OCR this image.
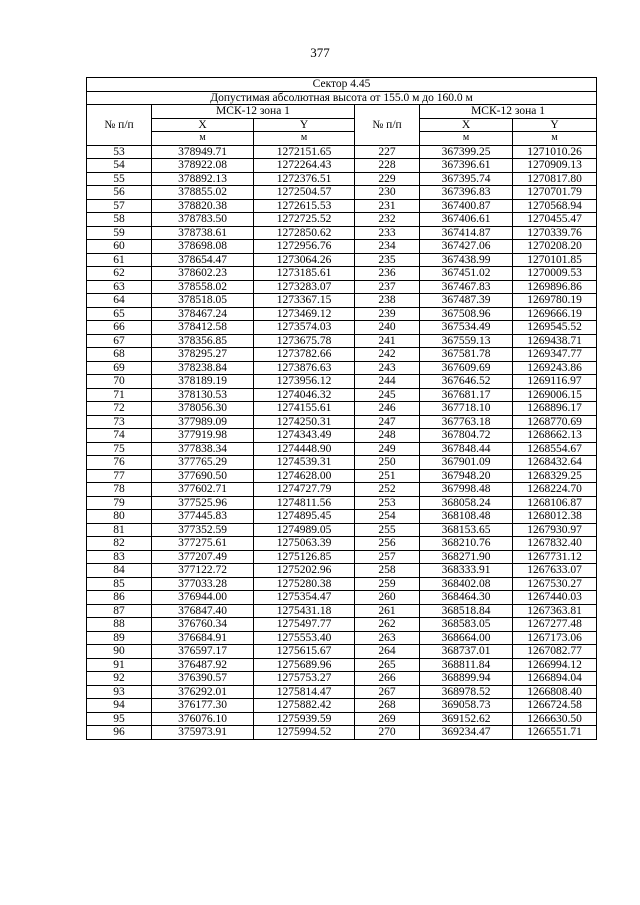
377
Сектор 4.45					
Допустимая абсолютная высота от 155.0 м до 160.0 м					
№ п/п	МСК-12 зона 1		№ п/п	МСК-12 зона 1	
	X	Y		X	Y
	м	м		м	м
53	378949.71	1272151.65	227	367399.25	1271010.26
54	378922.08	1272264.43	228	367396.61	1270909.13
55	378892.13	1272376.51	229	367395.74	1270817.80
56	378855.02	1272504.57	230	367396.83	1270701.79
57	378820.38	1272615.53	231	367400.87	1270568.94
58	378783.50	1272725.52	232	367406.61	1270455.47
59	378738.61	1272850.62	233	367414.87	1270339.76
60	378698.08	1272956.76	234	367427.06	1270208.20
61	378654.47	1273064.26	235	367438.99	1270101.85
62	378602.23	1273185.61	236	367451.02	1270009.53
63	378558.02	1273283.07	237	367467.83	1269896.86
64	378518.05	1273367.15	238	367487.39	1269780.19
65	378467.24	1273469.12	239	367508.96	1269666.19
66	378412.58	1273574.03	240	367534.49	1269545.52
67	378356.85	1273675.78	241	367559.13	1269438.71
68	378295.27	1273782.66	242	367581.78	1269347.77
69	378238.84	1273876.63	243	367609.69	1269243.86
70	378189.19	1273956.12	244	367646.52	1269116.97
71	378130.53	1274046.32	245	367681.17	1269006.15
72	378056.30	1274155.61	246	367718.10	1268896.17
73	377989.09	1274250.31	247	367763.18	1268770.69
74	377919.98	1274343.49	248	367804.72	1268662.13
75	377838.34	1274448.90	249	367848.44	1268554.67
76	377765.29	1274539.31	250	367901.09	1268432.64
77	377690.50	1274628.00	251	367948.20	1268329.25
78	377602.71	1274727.79	252	367998.48	1268224.70
79	377525.96	1274811.56	253	368058.24	1268106.87
80	377445.83	1274895.45	254	368108.48	1268012.38
81	377352.59	1274989.05	255	368153.65	1267930.97
82	377275.61	1275063.39	256	368210.76	1267832.40
83	377207.49	1275126.85	257	368271.90	1267731.12
84	377122.72	1275202.96	258	368333.91	1267633.07
85	377033.28	1275280.38	259	368402.08	1267530.27
86	376944.00	1275354.47	260	368464.30	1267440.03
87	376847.40	1275431.18	261	368518.84	1267363.81
88	376760.34	1275497.77	262	368583.05	1267277.48
89	376684.91	1275553.40	263	368664.00	1267173.06
90	376597.17	1275615.67	264	368737.01	1267082.77
91	376487.92	1275689.96	265	368811.84	1266994.12
92	376390.57	1275753.27	266	368899.94	1266894.04
93	376292.01	1275814.47	267	368978.52	1266808.40
94	376177.30	1275882.42	268	369058.73	1266724.58
95	376076.10	1275939.59	269	369152.62	1266630.50
96	375973.91	1275994.52	270	369234.47	1266551.71
